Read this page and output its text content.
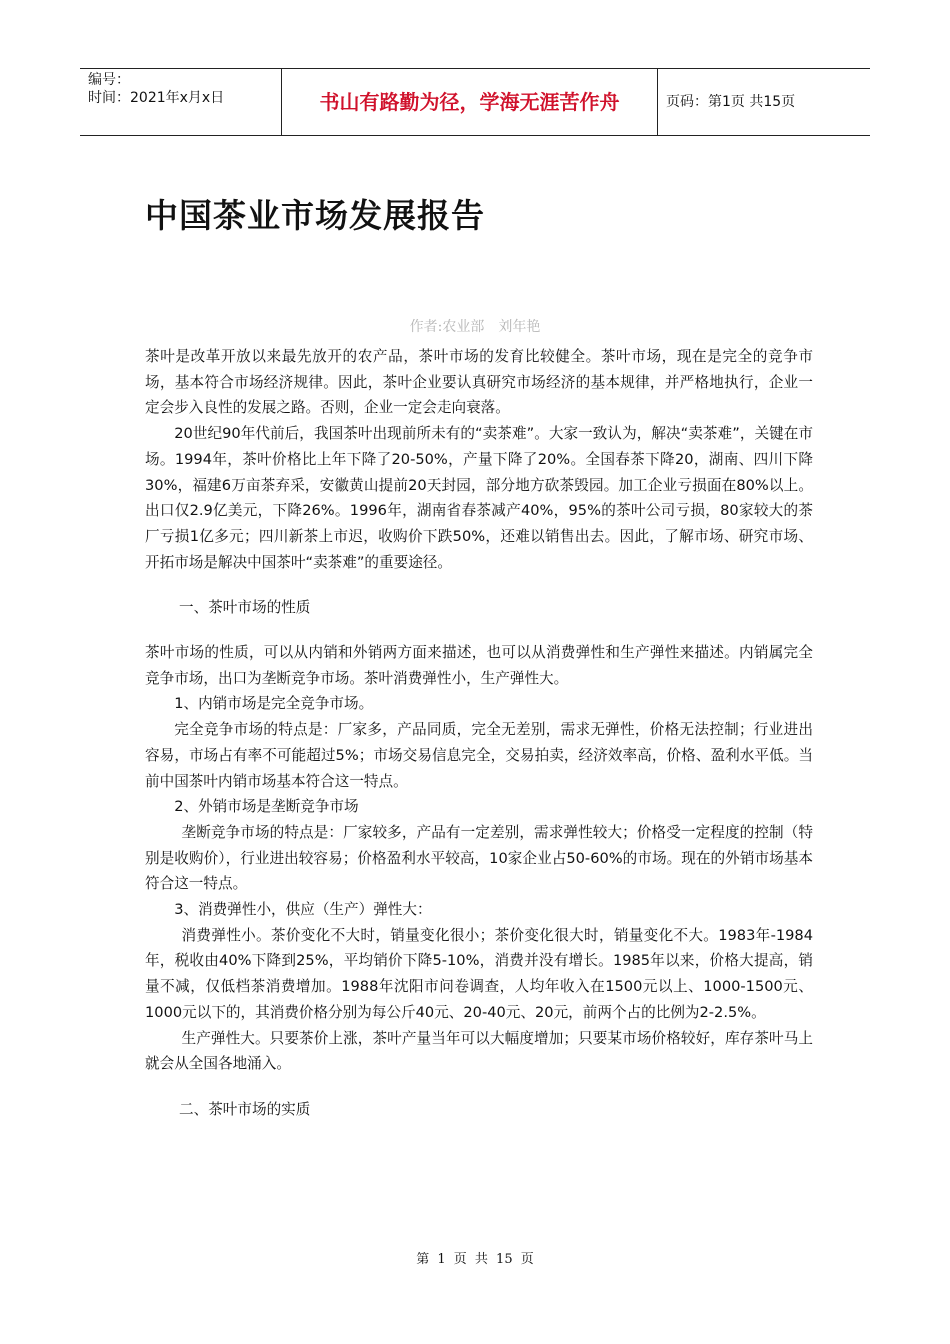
编号：
时间：2021年x月x日	书山有路勤为径，学海无涯苦作舟	页码：第1页 共15页
中国茶业市场发展报告
作者:农业部　刘年艳

茶叶是改革开放以来最先放开的农产品，茶叶市场的发育比较健全。茶叶市场，现在是完全的竞争市场，基本符合市场经济规律。因此，茶叶企业要认真研究市场经济的基本规律，并严格地执行，企业一定会步入良性的发展之路。否则，企业一定会走向衰落。

20世纪90年代前后，我国茶叶出现前所未有的“卖茶难”。大家一致认为，解决“卖茶难”，关键在市场。1994年，茶叶价格比上年下降了20-50%，产量下降了20%。全国春茶下降20，湖南、四川下降30%，福建6万亩茶弃采，安徽黄山提前20天封园，部分地方砍茶毁园。加工企业亏损面在80%以上。出口仅2.9亿美元，下降26%。1996年，湖南省春茶减产40%，95%的茶叶公司亏损，80家较大的茶厂亏损1亿多元；四川新茶上市迟，收购价下跌50%，还难以销售出去。因此，了解市场、研究市场、开拓市场是解决中国茶叶“卖茶难”的重要途径。

一、茶叶市场的性质

茶叶市场的性质，可以从内销和外销两方面来描述，也可以从消费弹性和生产弹性来描述。内销属完全竞争市场，出口为垄断竞争市场。茶叶消费弹性小，生产弹性大。

1、内销市场是完全竞争市场。

完全竞争市场的特点是：厂家多，产品同质，完全无差别，需求无弹性，价格无法控制；行业进出容易，市场占有率不可能超过5%；市场交易信息完全，交易拍卖，经济效率高，价格、盈利水平低。当前中国茶叶内销市场基本符合这一特点。

2、外销市场是垄断竞争市场

垄断竞争市场的特点是：厂家较多，产品有一定差别，需求弹性较大；价格受一定程度的控制（特别是收购价），行业进出较容易；价格盈利水平较高，10家企业占50-60%的市场。现在的外销市场基本符合这一特点。

3、消费弹性小，供应（生产）弹性大：

消费弹性小。茶价变化不大时，销量变化很小；茶价变化很大时，销量变化不大。1983年-1984年，税收由40%下降到25%，平均销价下降5-10%，消费并没有增长。1985年以来，价格大提高，销量不减，仅低档茶消费增加。1988年沈阳市问卷调查，人均年收入在1500元以上、1000-1500元、1000元以下的，其消费价格分别为每公斤40元、20-40元、20元，前两个占的比例为2-2.5%。

生产弹性大。只要茶价上涨，茶叶产量当年可以大幅度增加；只要某市场价格较好，库存茶叶马上就会从全国各地涌入。

二、茶叶市场的实质

第 1 页 共 15 页
